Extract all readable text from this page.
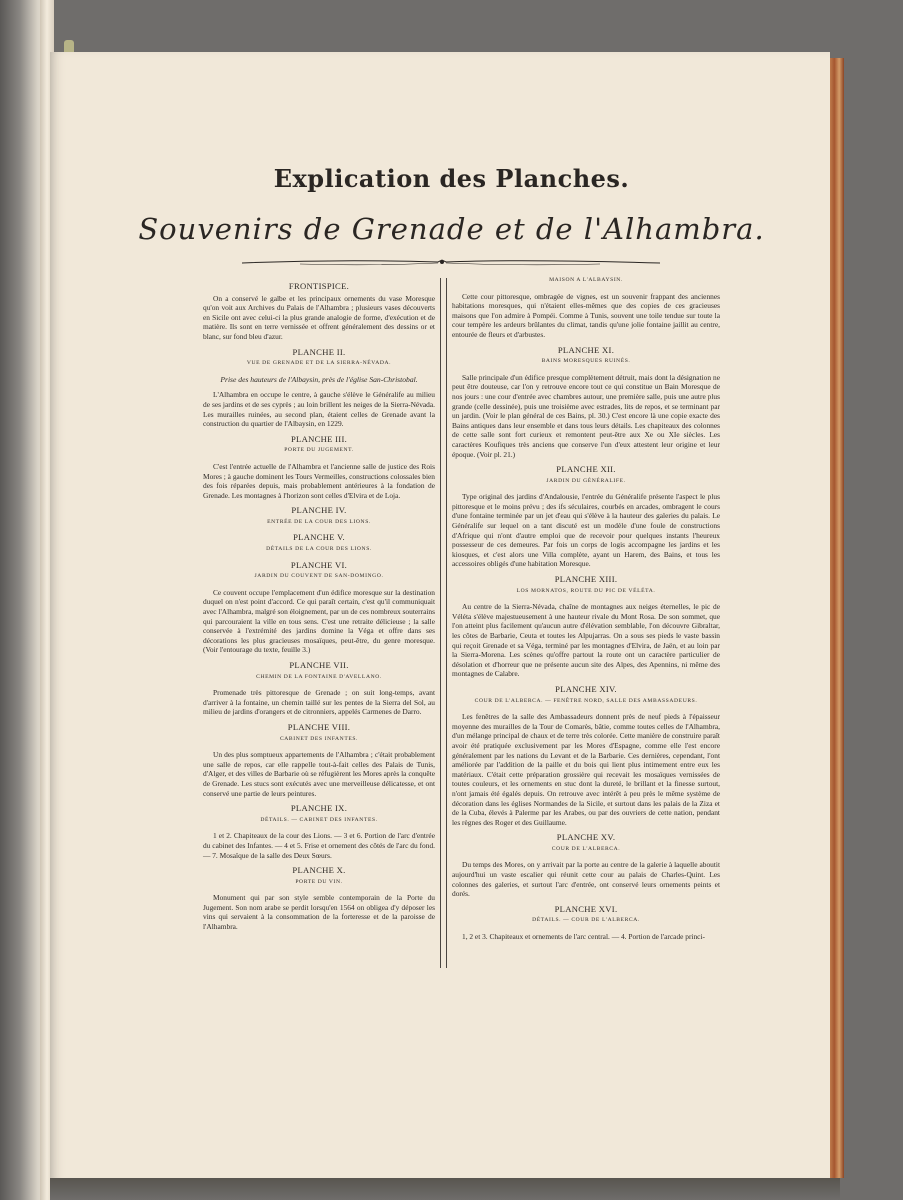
Explication des Planches.
Souvenirs de Grenade et de l'Alhambra.
FRONTISPICE.
On a conservé le galbe et les principaux ornements du vase Moresque qu'on voit aux Archives du Palais de l'Alhambra ; plusieurs vases découverts en Sicile ont avec celui-ci la plus grande analogie de forme, d'exécution et de matière. Ils sont en terre vernissée et offrent généralement des dessins or et blanc, sur fond bleu d'azur.
PLANCHE II.
VUE DE GRENADE ET DE LA SIERRA-NÉVADA.
Prise des hauteurs de l'Albaysin, près de l'église San-Christobal.
L'Alhambra en occupe le centre, à gauche s'élève le Généralife au milieu de ses jardins et de ses cyprès ; au loin brillent les neiges de la Sierra-Névada. Les murailles ruinées, au second plan, étaient celles de Grenade avant la construction du quartier de l'Albaysin, en 1229.
PLANCHE III.
PORTE DU JUGEMENT.
C'est l'entrée actuelle de l'Alhambra et l'ancienne salle de justice des Rois Mores ; à gauche dominent les Tours Vermeilles, constructions colossales bien des fois réparées depuis, mais probablement antérieures à la fondation de Grenade. Les montagnes à l'horizon sont celles d'Elvira et de Loja.
PLANCHE IV.
ENTRÉE DE LA COUR DES LIONS.
PLANCHE V.
DÉTAILS DE LA COUR DES LIONS.
PLANCHE VI.
JARDIN DU COUVENT DE SAN-DOMINGO.
Ce couvent occupe l'emplacement d'un édifice moresque sur la destination duquel on n'est point d'accord. Ce qui paraît certain, c'est qu'il communiquait avec l'Alhambra, malgré son éloignement, par un de ces nombreux souterrains qui parcouraient la ville en tous sens. C'est une retraite délicieuse ; la salle conservée à l'extrémité des jardins domine la Véga et offre dans ses décorations les plus gracieuses mosaïques, peut-être, du genre moresque. (Voir l'entourage du texte, feuille 3.)
PLANCHE VII.
CHEMIN DE LA FONTAINE D'AVELLANO.
Promenade très pittoresque de Grenade ; on suit long-temps, avant d'arriver à la fontaine, un chemin taillé sur les pentes de la Sierra del Sol, au milieu de jardins d'orangers et de citronniers, appelés Carmenes de Darro.
PLANCHE VIII.
CABINET DES INFANTES.
Un des plus somptueux appartements de l'Alhambra ; c'était probablement une salle de repos, car elle rappelle tout-à-fait celles des Palais de Tunis, d'Alger, et des villes de Barbarie où se réfugièrent les Mores après la conquête de Grenade. Les stucs sont exécutés avec une merveilleuse délicatesse, et ont conservé une partie de leurs peintures.
PLANCHE IX.
DÉTAILS. — CABINET DES INFANTES.
1 et 2. Chapiteaux de la cour des Lions. — 3 et 6. Portion de l'arc d'entrée du cabinet des Infantes. — 4 et 5. Frise et ornement des côtés de l'arc du fond. — 7. Mosaïque de la salle des Deux Sœurs.
PLANCHE X.
PORTE DU VIN.
Monument qui par son style semble contemporain de la Porte du Jugement. Son nom arabe se perdit lorsqu'en 1564 on obligea d'y déposer les vins qui servaient à la consommation de la forteresse et de la paroisse de l'Alhambra.
MAISON A L'ALBAYSIN.
Cette cour pittoresque, ombragée de vignes, est un souvenir frappant des anciennes habitations moresques, qui n'étaient elles-mêmes que des copies de ces gracieuses maisons que l'on admire à Pompéi. Comme à Tunis, souvent une toile tendue sur toute la cour tempère les ardeurs brûlantes du climat, tandis qu'une jolie fontaine jaillit au centre, entourée de fleurs et d'arbustes.
PLANCHE XI.
BAINS MORESQUES RUINÉS.
Salle principale d'un édifice presque complètement détruit, mais dont la désignation ne peut être douteuse, car l'on y retrouve encore tout ce qui constitue un Bain Moresque de nos jours : une cour d'entrée avec chambres autour, une première salle, puis une autre plus grande (celle dessinée), puis une troisième avec estrades, lits de repos, et se terminant par un jardin. (Voir le plan général de ces Bains, pl. 30.) C'est encore là une copie exacte des Bains antiques dans leur ensemble et dans tous leurs détails. Les chapiteaux des colonnes de cette salle sont fort curieux et remontent peut-être aux Xe ou XIe siècles. Les caractères Koufiques très anciens que conserve l'un d'eux attestent leur origine et leur époque. (Voir pl. 21.)
PLANCHE XII.
JARDIN DU GÉNÉRALIFE.
Type original des jardins d'Andalousie, l'entrée du Généralife présente l'aspect le plus pittoresque et le moins prévu ; des ifs séculaires, courbés en arcades, ombragent le cours d'une fontaine terminée par un jet d'eau qui s'élève à la hauteur des galeries du palais. Le Généralife sur lequel on a tant discuté est un modèle d'une foule de constructions d'Afrique qui n'ont d'autre emploi que de recevoir pour quelques instants l'heureux possesseur de ces demeures. Par fois un corps de logis accompagne les jardins et les kiosques, et c'est alors une Villa complète, ayant un Harem, des Bains, et tous les accessoires obligés d'une habitation Moresque.
PLANCHE XIII.
LOS MORNATOS, ROUTE DU PIC DE VÉLÉTA.
Au centre de la Sierra-Névada, chaîne de montagnes aux neiges éternelles, le pic de Véléta s'élève majestueusement à une hauteur rivale du Mont Rosa. De son sommet, que l'on atteint plus facilement qu'aucun autre d'élévation semblable, l'on découvre Gibraltar, les côtes de Barbarie, Ceuta et toutes les Alpujarras. On a sous ses pieds le vaste bassin qui reçoit Grenade et sa Véga, terminé par les montagnes d'Elvira, de Jaën, et au loin par la Sierra-Morena. Les scènes qu'offre partout la route ont un caractère particulier de désolation et d'horreur que ne présente aucun site des Alpes, des Apennins, ni même des montagnes de Calabre.
PLANCHE XIV.
COUR DE L'ALBERCA. — FENÊTRE NORD, SALLE DES AMBASSADEURS.
Les fenêtres de la salle des Ambassadeurs donnent près de neuf pieds à l'épaisseur moyenne des murailles de la Tour de Comarès, bâtie, comme toutes celles de l'Alhambra, d'un mélange principal de chaux et de terre très colorée. Cette manière de construire paraît avoir été pratiquée exclusivement par les Mores d'Espagne, comme elle l'est encore généralement par les nations du Levant et de la Barbarie. Ces dernières, cependant, l'ont améliorée par l'addition de la paille et du bois qui lient plus intimement entre eux les matériaux. C'était cette préparation grossière qui recevait les mosaïques vernissées de toutes couleurs, et les ornements en stuc dont la dureté, le brillant et la finesse surtout, n'ont jamais été égalés depuis. On retrouve avec intérêt à peu près le même système de décoration dans les églises Normandes de la Sicile, et surtout dans les palais de la Ziza et de la Cuba, élevés à Palerme par les Arabes, ou par des ouvriers de cette nation, pendant les règnes des Roger et des Guillaume.
PLANCHE XV.
COUR DE L'ALBERCA.
Du temps des Mores, on y arrivait par la porte au centre de la galerie à laquelle aboutit aujourd'hui un vaste escalier qui réunit cette cour au palais de Charles-Quint. Les colonnes des galeries, et surtout l'arc d'entrée, ont conservé leurs ornements peints et dorés.
PLANCHE XVI.
DÉTAILS. — COUR DE L'ALBERCA.
1, 2 et 3. Chapiteaux et ornements de l'arc central. — 4. Portion de l'arcade princi-
